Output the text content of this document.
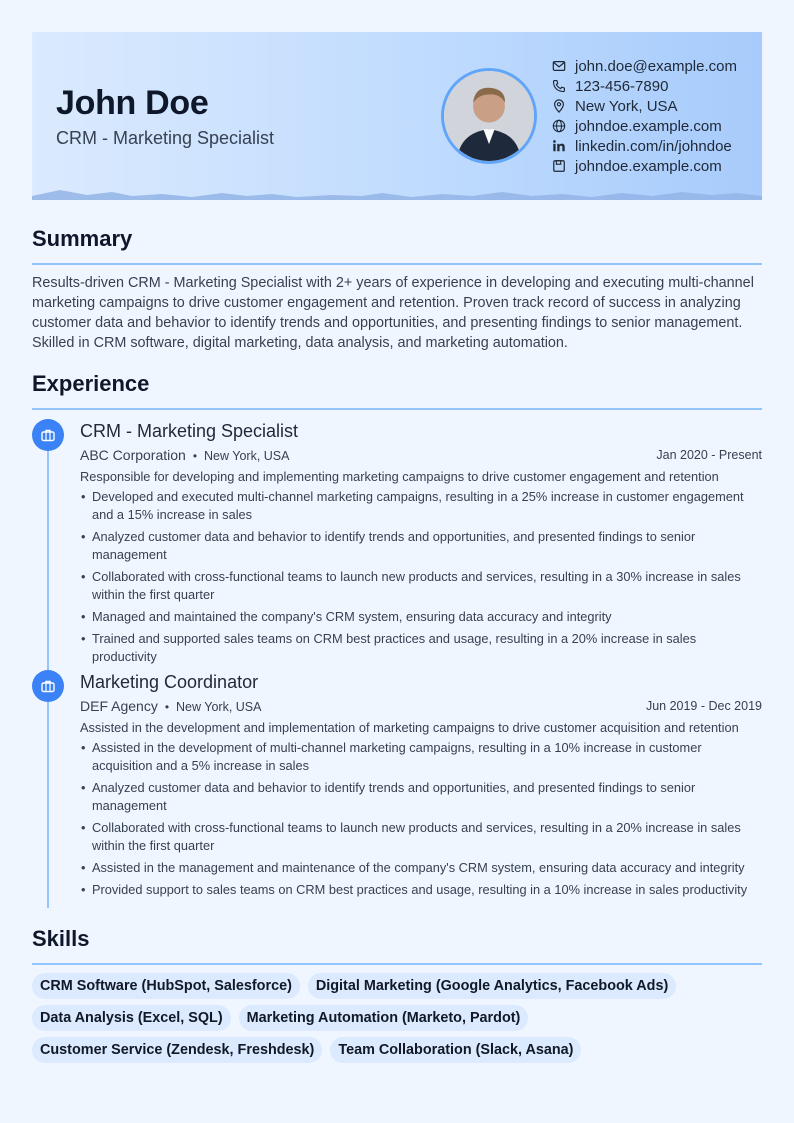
John Doe
CRM - Marketing Specialist
john.doe@example.com
123-456-7890
New York, USA
johndoe.example.com
linkedin.com/in/johndoe
johndoe.example.com
Summary
Results-driven CRM - Marketing Specialist with 2+ years of experience in developing and executing multi-channel marketing campaigns to drive customer engagement and retention. Proven track record of success in analyzing customer data and behavior to identify trends and opportunities, and presenting findings to senior management. Skilled in CRM software, digital marketing, data analysis, and marketing automation.
Experience
CRM - Marketing Specialist
ABC Corporation • New York, USA	Jan 2020 - Present
Responsible for developing and implementing marketing campaigns to drive customer engagement and retention
• Developed and executed multi-channel marketing campaigns, resulting in a 25% increase in customer engagement and a 15% increase in sales
• Analyzed customer data and behavior to identify trends and opportunities, and presented findings to senior management
• Collaborated with cross-functional teams to launch new products and services, resulting in a 30% increase in sales within the first quarter
• Managed and maintained the company's CRM system, ensuring data accuracy and integrity
• Trained and supported sales teams on CRM best practices and usage, resulting in a 20% increase in sales productivity
Marketing Coordinator
DEF Agency • New York, USA	Jun 2019 - Dec 2019
Assisted in the development and implementation of marketing campaigns to drive customer acquisition and retention
• Assisted in the development of multi-channel marketing campaigns, resulting in a 10% increase in customer acquisition and a 5% increase in sales
• Analyzed customer data and behavior to identify trends and opportunities, and presented findings to senior management
• Collaborated with cross-functional teams to launch new products and services, resulting in a 20% increase in sales within the first quarter
• Assisted in the management and maintenance of the company's CRM system, ensuring data accuracy and integrity
• Provided support to sales teams on CRM best practices and usage, resulting in a 10% increase in sales productivity
Skills
CRM Software (HubSpot, Salesforce)	Digital Marketing (Google Analytics, Facebook Ads)
Data Analysis (Excel, SQL)	Marketing Automation (Marketo, Pardot)
Customer Service (Zendesk, Freshdesk)	Team Collaboration (Slack, Asana)
